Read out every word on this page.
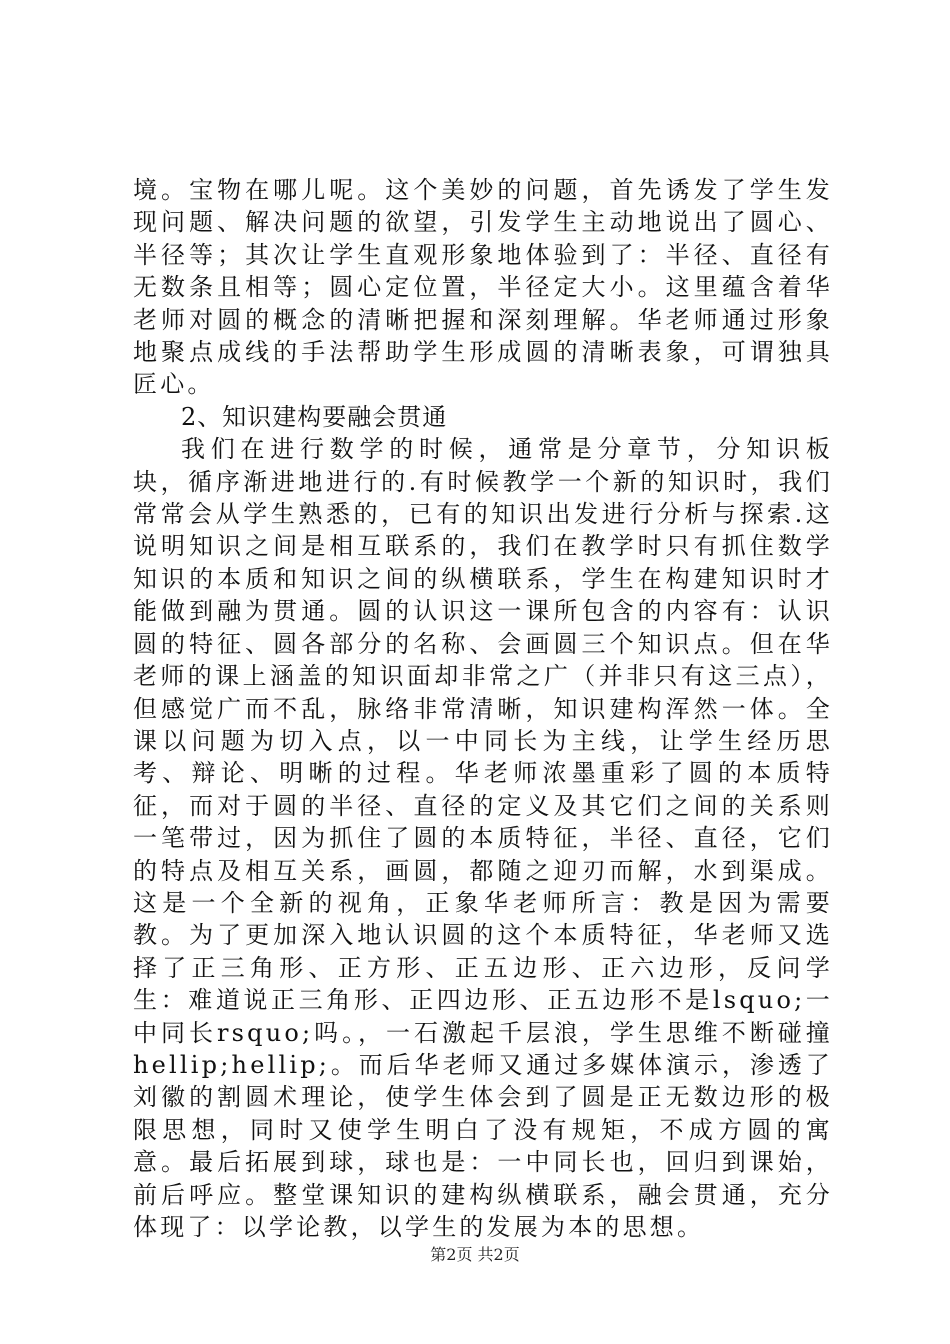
境。宝物在哪儿呢。这个美妙的问题，首先诱发了学生发现问题、解决问题的欲望，引发学生主动地说出了圆心、半径等；其次让学生直观形象地体验到了：半径、直径有无数条且相等；圆心定位置，半径定大小。这里蕴含着华老师对圆的概念的清晰把握和深刻理解。华老师通过形象地聚点成线的手法帮助学生形成圆的清晰表象，可谓独具匠心。

2、知识建构要融会贯通

我们在进行数学的时候，通常是分章节，分知识板块，循序渐进地进行的.有时候教学一个新的知识时，我们常常会从学生熟悉的，已有的知识出发进行分析与探索.这说明知识之间是相互联系的，我们在教学时只有抓住数学知识的本质和知识之间的纵横联系，学生在构建知识时才能做到融为贯通。圆的认识这一课所包含的内容有：认识圆的特征、圆各部分的名称、会画圆三个知识点。但在华老师的课上涵盖的知识面却非常之广（并非只有这三点），但感觉广而不乱，脉络非常清晰，知识建构浑然一体。全课以问题为切入点，以一中同长为主线，让学生经历思考、辩论、明晰的过程。华老师浓墨重彩了圆的本质特征，而对于圆的半径、直径的定义及其它们之间的关系则一笔带过，因为抓住了圆的本质特征，半径、直径，它们的特点及相互关系，画圆，都随之迎刃而解，水到渠成。这是一个全新的视角，正象华老师所言：教是因为需要教。为了更加深入地认识圆的这个本质特征，华老师又选择了正三角形、正方形、正五边形、正六边形，反问学生：难道说正三角形、正四边形、正五边形不是lsquo;一中同长rsquo;吗。，一石激起千层浪，学生思维不断碰撞hellip;hellip;。而后华老师又通过多媒体演示，渗透了刘徽的割圆术理论，使学生体会到了圆是正无数边形的极限思想，同时又使学生明白了没有规矩，不成方圆的寓意。最后拓展到球，球也是：一中同长也，回归到课始，前后呼应。整堂课知识的建构纵横联系，融会贯通，充分体现了：以学论教，以学生的发展为本的思想。

第2页 共2页
